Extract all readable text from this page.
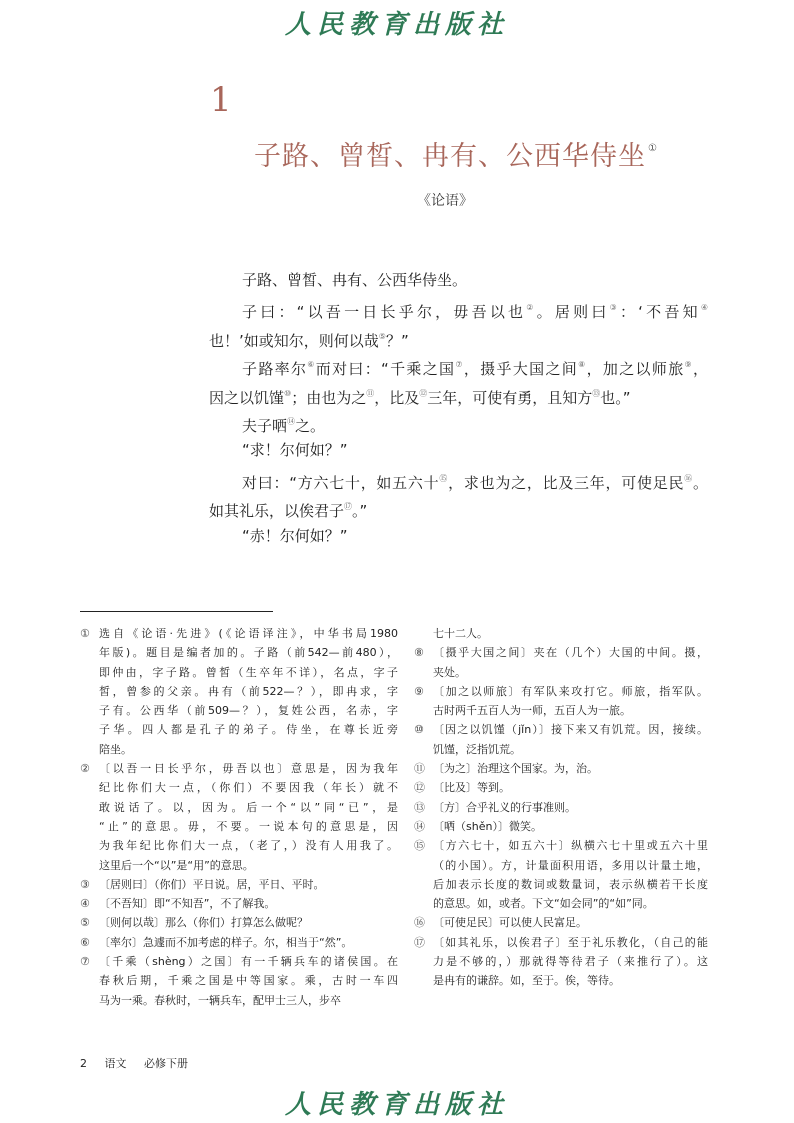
人民教育出版社
1
子路、曾皙、冉有、公西华侍坐 ①
《论语》
子路、曾皙、冉有、公西华侍坐。
子曰：“以吾一日长乎尔，毋吾以也②。居则曰③：‘不吾知④
也！’如或知尔，则何以哉⑤？”
子路率尔⑥而对曰：“千乘之国⑦，摄乎大国之间⑧，加之以师旅⑨，
因之以饥馑⑩；由也为之⑪，比及⑫三年，可使有勇，且知方⑬也。”
夫子哂⑭之。
“求！尔何如？”
对曰：“方六七十，如五六十⑮，求也为之，比及三年，可使足民⑯。
如其礼乐，以俟君子⑰。”
“赤！尔何如？”
① 选自《论语·先进》(《论语译注》，中华书局1980
年版)。题目是编者加的。子路（前542—前480），
即仲由，字子路。曾皙（生卒年不详），名点，字子
皙，曾参的父亲。冉有（前522—？），即冉求，字
子有。公西华（前509—？），复姓公西，名赤，字
子华。四人都是孔子的弟子。侍坐，在尊长近旁
陪坐。
② 〔以吾一日长乎尔，毋吾以也〕意思是，因为我年
纪比你们大一点，（你们）不要因我（年长）就不
敢说话了。以，因为。后一个“以”同“已”，是
“止”的意思。毋，不要。一说本句的意思是，因
为我年纪比你们大一点，（老了，）没有人用我了。
这里后一个“以”是“用”的意思。
③ 〔居则曰〕（你们）平日说。居，平日、平时。
④ 〔不吾知〕即“不知吾”，不了解我。
⑤ 〔则何以哉〕那么（你们）打算怎么做呢？
⑥ 〔率尔〕急遽而不加考虑的样子。尔，相当于“然”。
⑦ 〔千乘（shèng）之国〕有一千辆兵车的诸侯国。在
春秋后期，千乘之国是中等国家。乘，古时一车四
马为一乘。春秋时，一辆兵车，配甲士三人，步卒
七十二人。
⑧ 〔摄乎大国之间〕夹在（几个）大国的中间。摄，
夹处。
⑨ 〔加之以师旅〕有军队来攻打它。师旅，指军队。
古时两千五百人为一师，五百人为一旅。
⑩ 〔因之以饥馑（jǐn）〕接下来又有饥荒。因，接续。
饥馑，泛指饥荒。
⑪ 〔为之〕治理这个国家。为，治。
⑫ 〔比及〕等到。
⑬ 〔方〕合乎礼义的行事准则。
⑭ 〔哂（shěn）〕微笑。
⑮ 〔方六七十，如五六十〕纵横六七十里或五六十里
（的小国）。方，计量面积用语，多用以计量土地，
后加表示长度的数词或数量词，表示纵横若干长度
的意思。如，或者。下文“如会同”的“如”同。
⑯ 〔可使足民〕可以使人民富足。
⑰ 〔如其礼乐，以俟君子〕至于礼乐教化，（自己的能
力是不够的，）那就得等待君子（来推行了）。这
是冉有的谦辞。如，至于。俟，等待。
2 语文 必修下册
人民教育出版社
